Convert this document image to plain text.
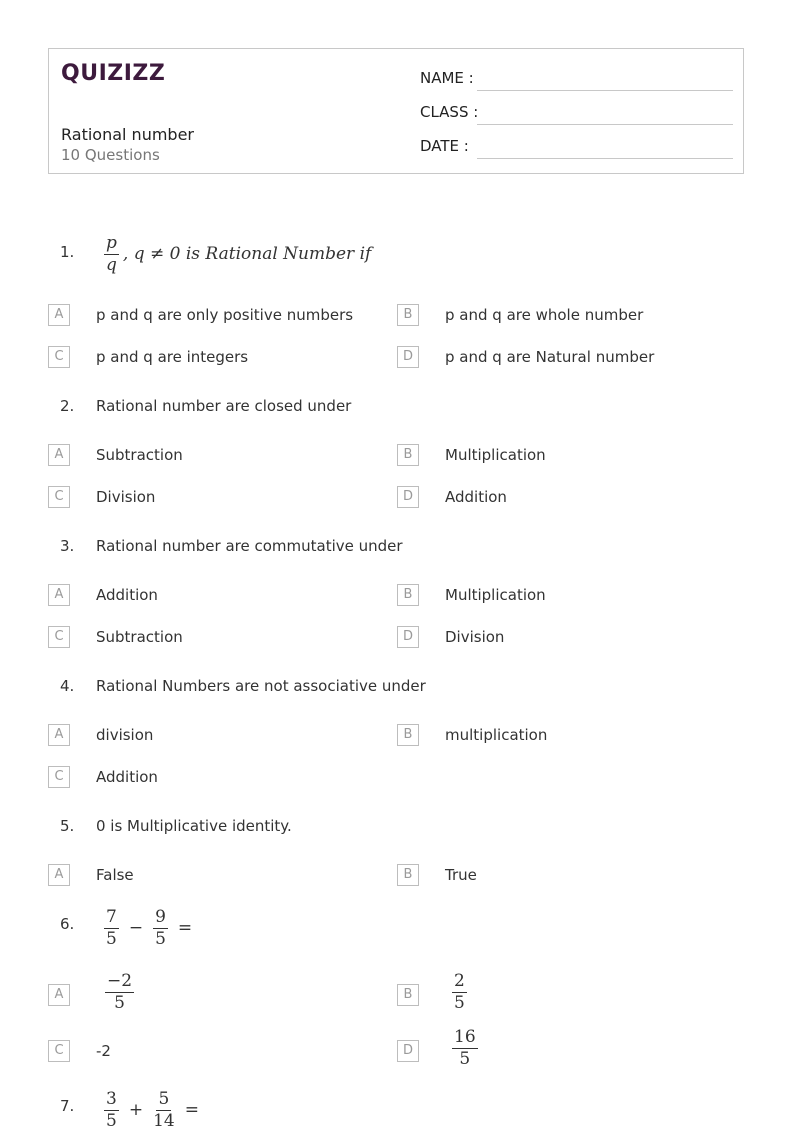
QUIZIZZ
Rational number
10 Questions
NAME :
CLASS :
DATE :
1. $\frac{p}{q}$ , q ≠ 0 is Rational Number if
A	p and q are only positive numbers	B	p and q are whole number
C	p and q are integers	D	p and q are Natural number
2. Rational number are closed under
A	Subtraction	B	Multiplication
C	Division	D	Addition
3. Rational number are commutative under
A	Addition	B	Multiplication
C	Subtraction	D	Division
4. Rational Numbers are not associative under
A	division	B	multiplication
C	Addition
5. 0 is Multiplicative identity.
A	False	B	True
6. $\frac{7}{5} - \frac{9}{5}$ =
A	$\frac{-2}{5}$	B	$\frac{2}{5}$
C	-2	D	$\frac{16}{5}$
7. $\frac{3}{5} + \frac{5}{14}$ =
